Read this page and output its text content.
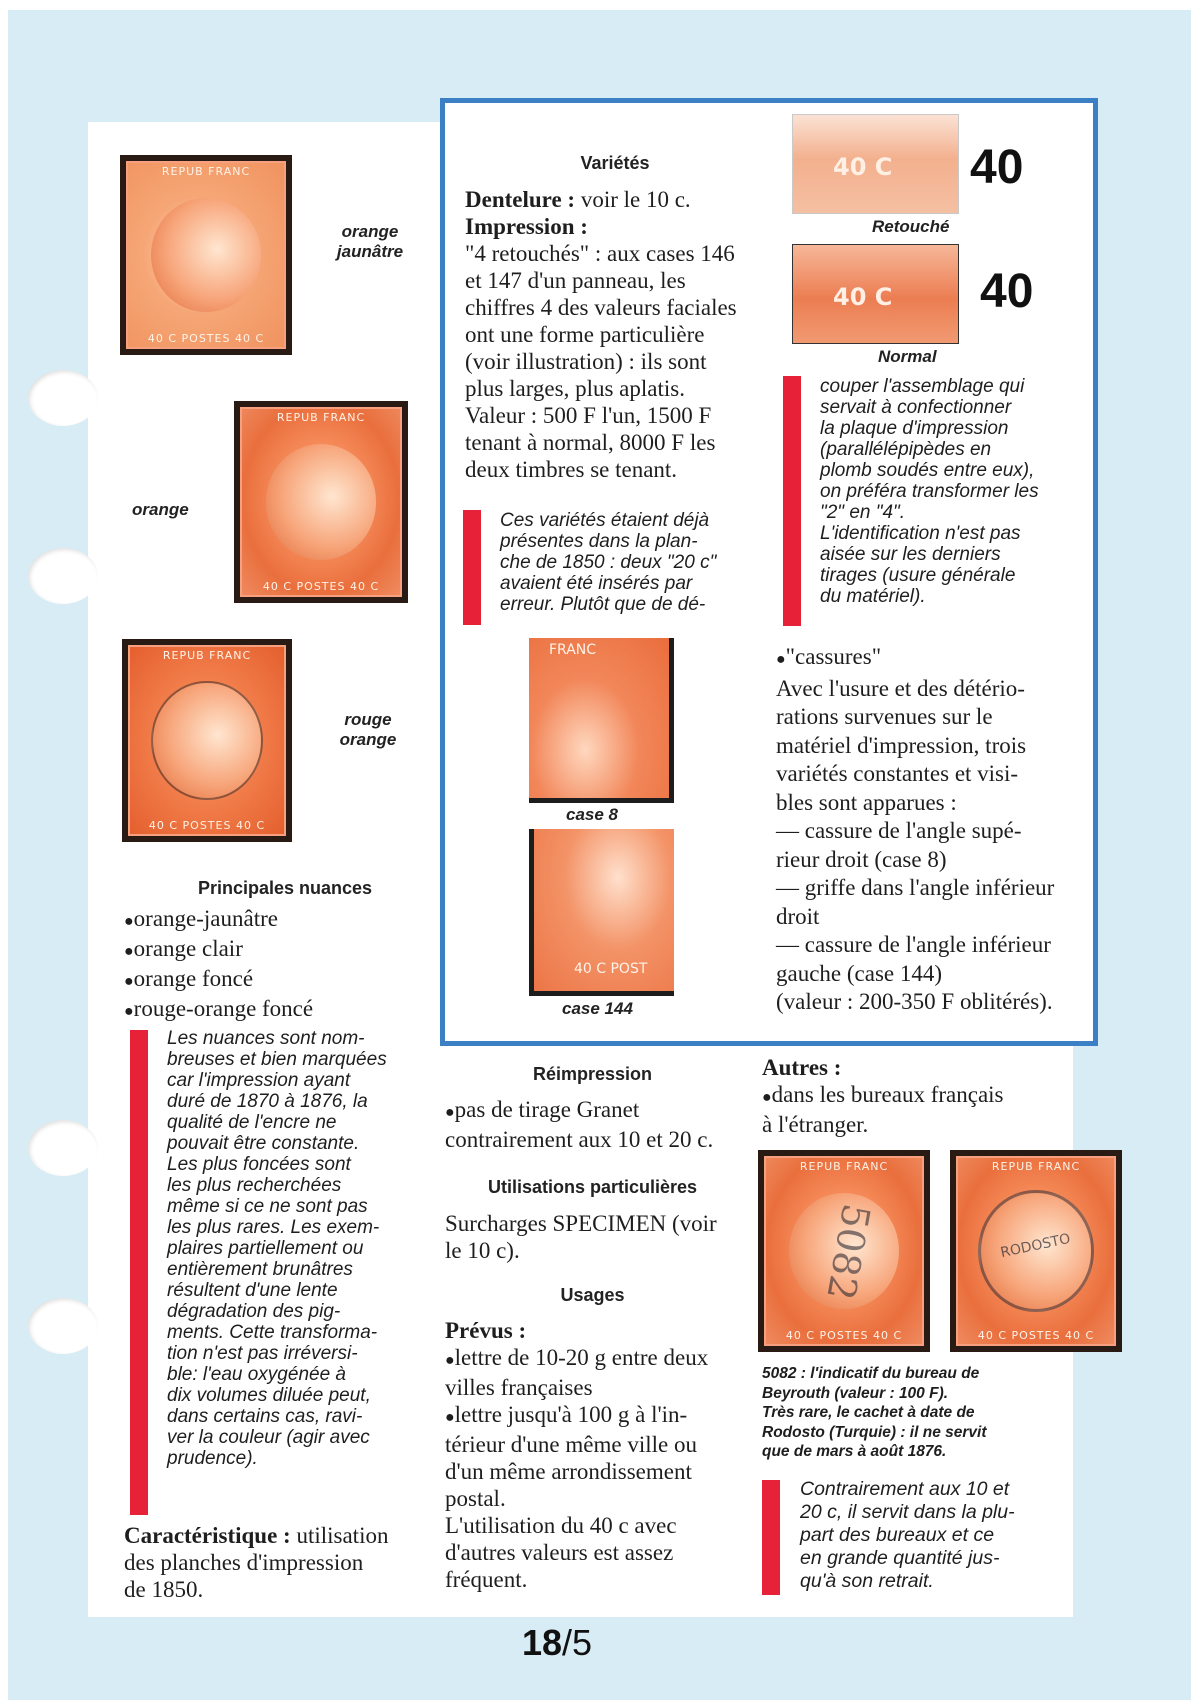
REPUB FRANC
40 C POSTES 40 C
orange
jaunâtre
REPUB FRANC
40 C POSTES 40 C
orange
REPUB FRANC
40 C POSTES 40 C
rouge
orange
Principales nuances
● orange-jaunâtre
● orange clair
● orange foncé
● rouge-orange foncé
Les nuances sont nom-
breuses et bien marquées
car l'impression ayant
duré de 1870 à 1876, la
qualité de l'encre ne
pouvait être constante.
Les plus foncées sont
les plus recherchées
même si ce ne sont pas
les plus rares. Les exem-
plaires partiellement ou
entièrement brunâtres
résultent d'une lente
dégradation des pig-
ments. Cette transforma-
tion n'est pas irréversi-
ble: l'eau oxygénée à
dix volumes diluée peut,
dans certains cas, ravi-
ver la couleur (agir avec
prudence).
Caractéristique : utilisation
des planches d'impression
de 1850.
Variétés
Dentelure : voir le 10 c.
Impression :
"4 retouchés" : aux cases 146
et 147 d'un panneau, les
chiffres 4 des valeurs faciales
ont une forme particulière
(voir illustration) : ils sont
plus larges, plus aplatis.
Valeur : 500 F l'un, 1500 F
tenant à normal, 8000 F les
deux timbres se tenant.
Ces variétés étaient déjà
présentes dans la plan-
che de 1850 : deux "20 c"
avaient été insérés par
erreur. Plutôt que de dé-
40 C 40
Retouché
40 C 40
Normal
couper l'assemblage qui
servait à confectionner
la plaque d'impression
(parallélépipèdes en
plomb soudés entre eux),
on préféra transformer les
"2" en "4".
L'identification n'est pas
aisée sur les derniers
tirages (usure générale
du matériel).
FRANC
case 8
40 C POST
case 144
● "cassures"
Avec l'usure et des détério-
rations survenues sur le
matériel d'impression, trois
variétés constantes et visi-
bles sont apparues :
— cassure de l'angle supé-
rieur droit (case 8)
— griffe dans l'angle inférieur
droit
— cassure de l'angle inférieur
gauche (case 144)
(valeur : 200-350 F oblitérés).
Réimpression
● pas de tirage Granet
contrairement aux 10 et 20 c.
Utilisations particulières
Surcharges SPECIMEN (voir
le 10 c).
Usages
Prévus :
● lettre de 10-20 g entre deux
villes françaises
● lettre jusqu'à 100 g à l'in-
térieur d'une même ville ou
d'un même arrondissement
postal.
L'utilisation du 40 c avec
d'autres valeurs est assez
fréquent.
Autres :
● dans les bureaux français
à l'étranger.
REPUB FRANC
40 C POSTES 40 C
5082
REPUB FRANC
40 C POSTES 40 C
RODOSTO
5082 : l'indicatif du bureau de
Beyrouth (valeur : 100 F).
Très rare, le cachet à date de
Rodosto (Turquie) : il ne servit
que de mars à août 1876.
Contrairement aux 10 et
20 c, il servit dans la plu-
part des bureaux et ce
en grande quantité jus-
qu'à son retrait.
18/5
